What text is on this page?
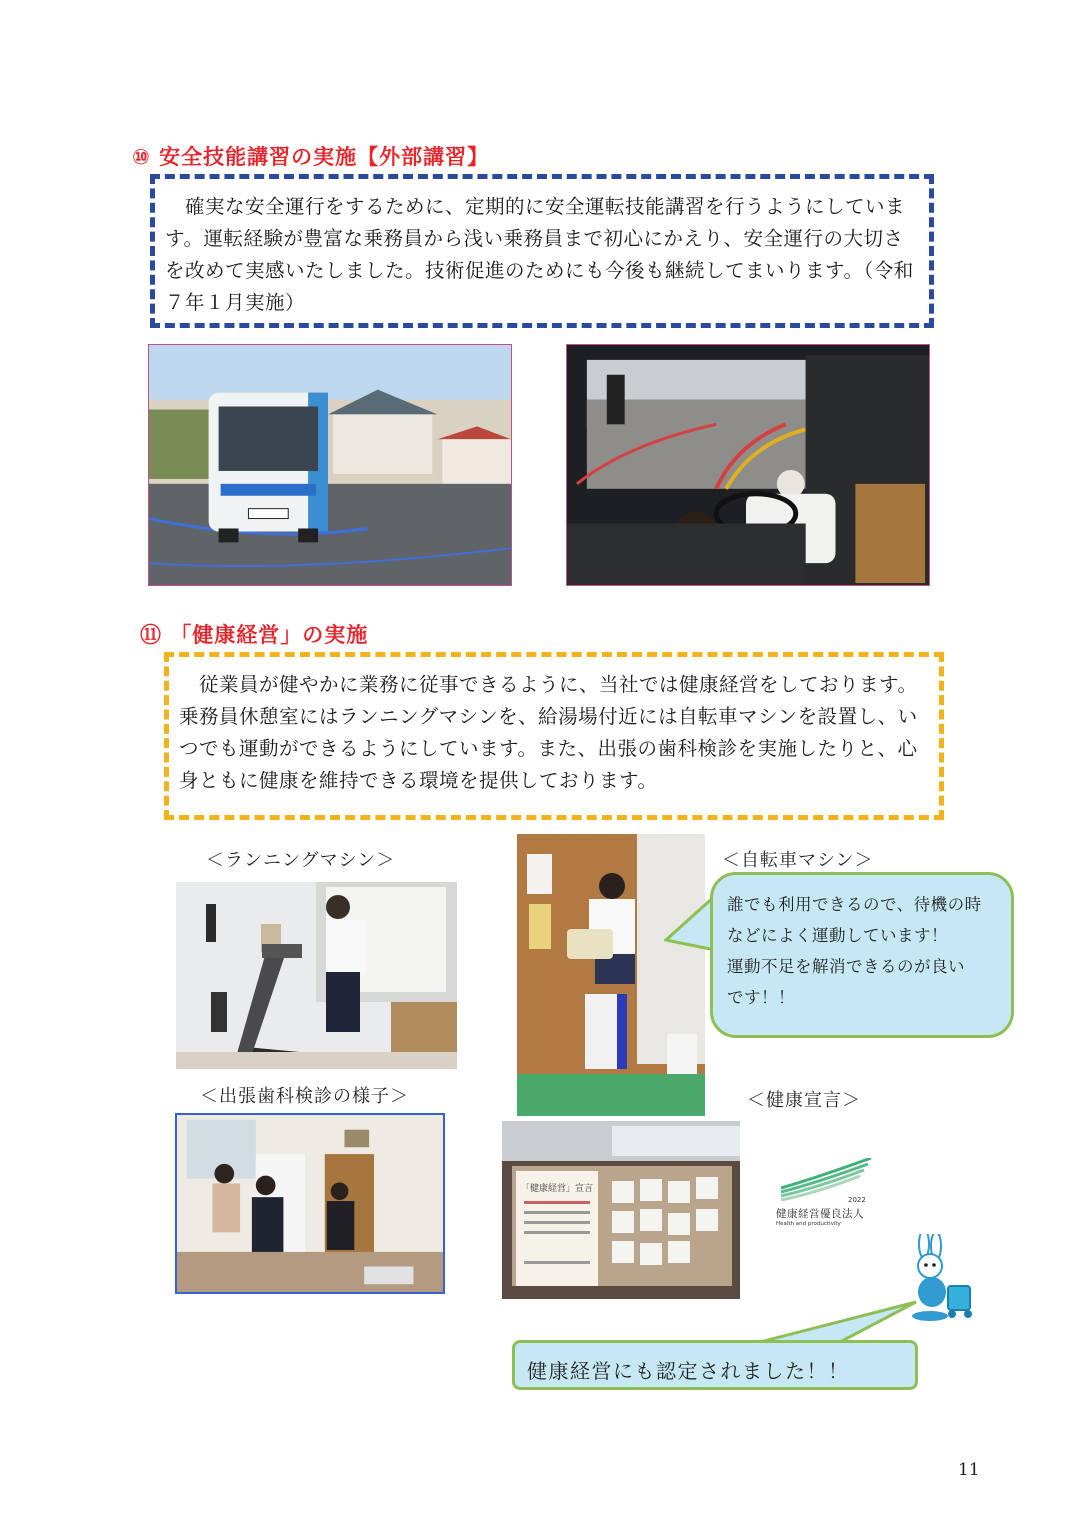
⑩ 安全技能講習の実施【外部講習】

　確実な安全運行をするために、定期的に安全運転技能講習を行うようにしています。運転経験が豊富な乗務員から浅い乗務員まで初心にかえり、安全運行の大切さを改めて実感いたしました。技術促進のためにも今後も継続してまいります。（令和７年１月実施）

⑪ 「健康経営」の実施

　従業員が健やかに業務に従事できるように、当社では健康経営をしております。乗務員休憩室にはランニングマシンを、給湯場付近には自転車マシンを設置し、いつでも運動ができるようにしています。また、出張の歯科検診を実施したりと、心身ともに健康を維持できる環境を提供しております。

＜ランニングマシン＞	＜自転車マシン＞
＜出張歯科検診の様子＞	＜健康宣言＞

誰でも利用できるので、待機の時

などによく運動しています！

運動不足を解消できるのが良い

です！！

「健康経営」宣言
2022
健康経営優良法人
Health and productivity
健康経営にも認定されました！！
11
